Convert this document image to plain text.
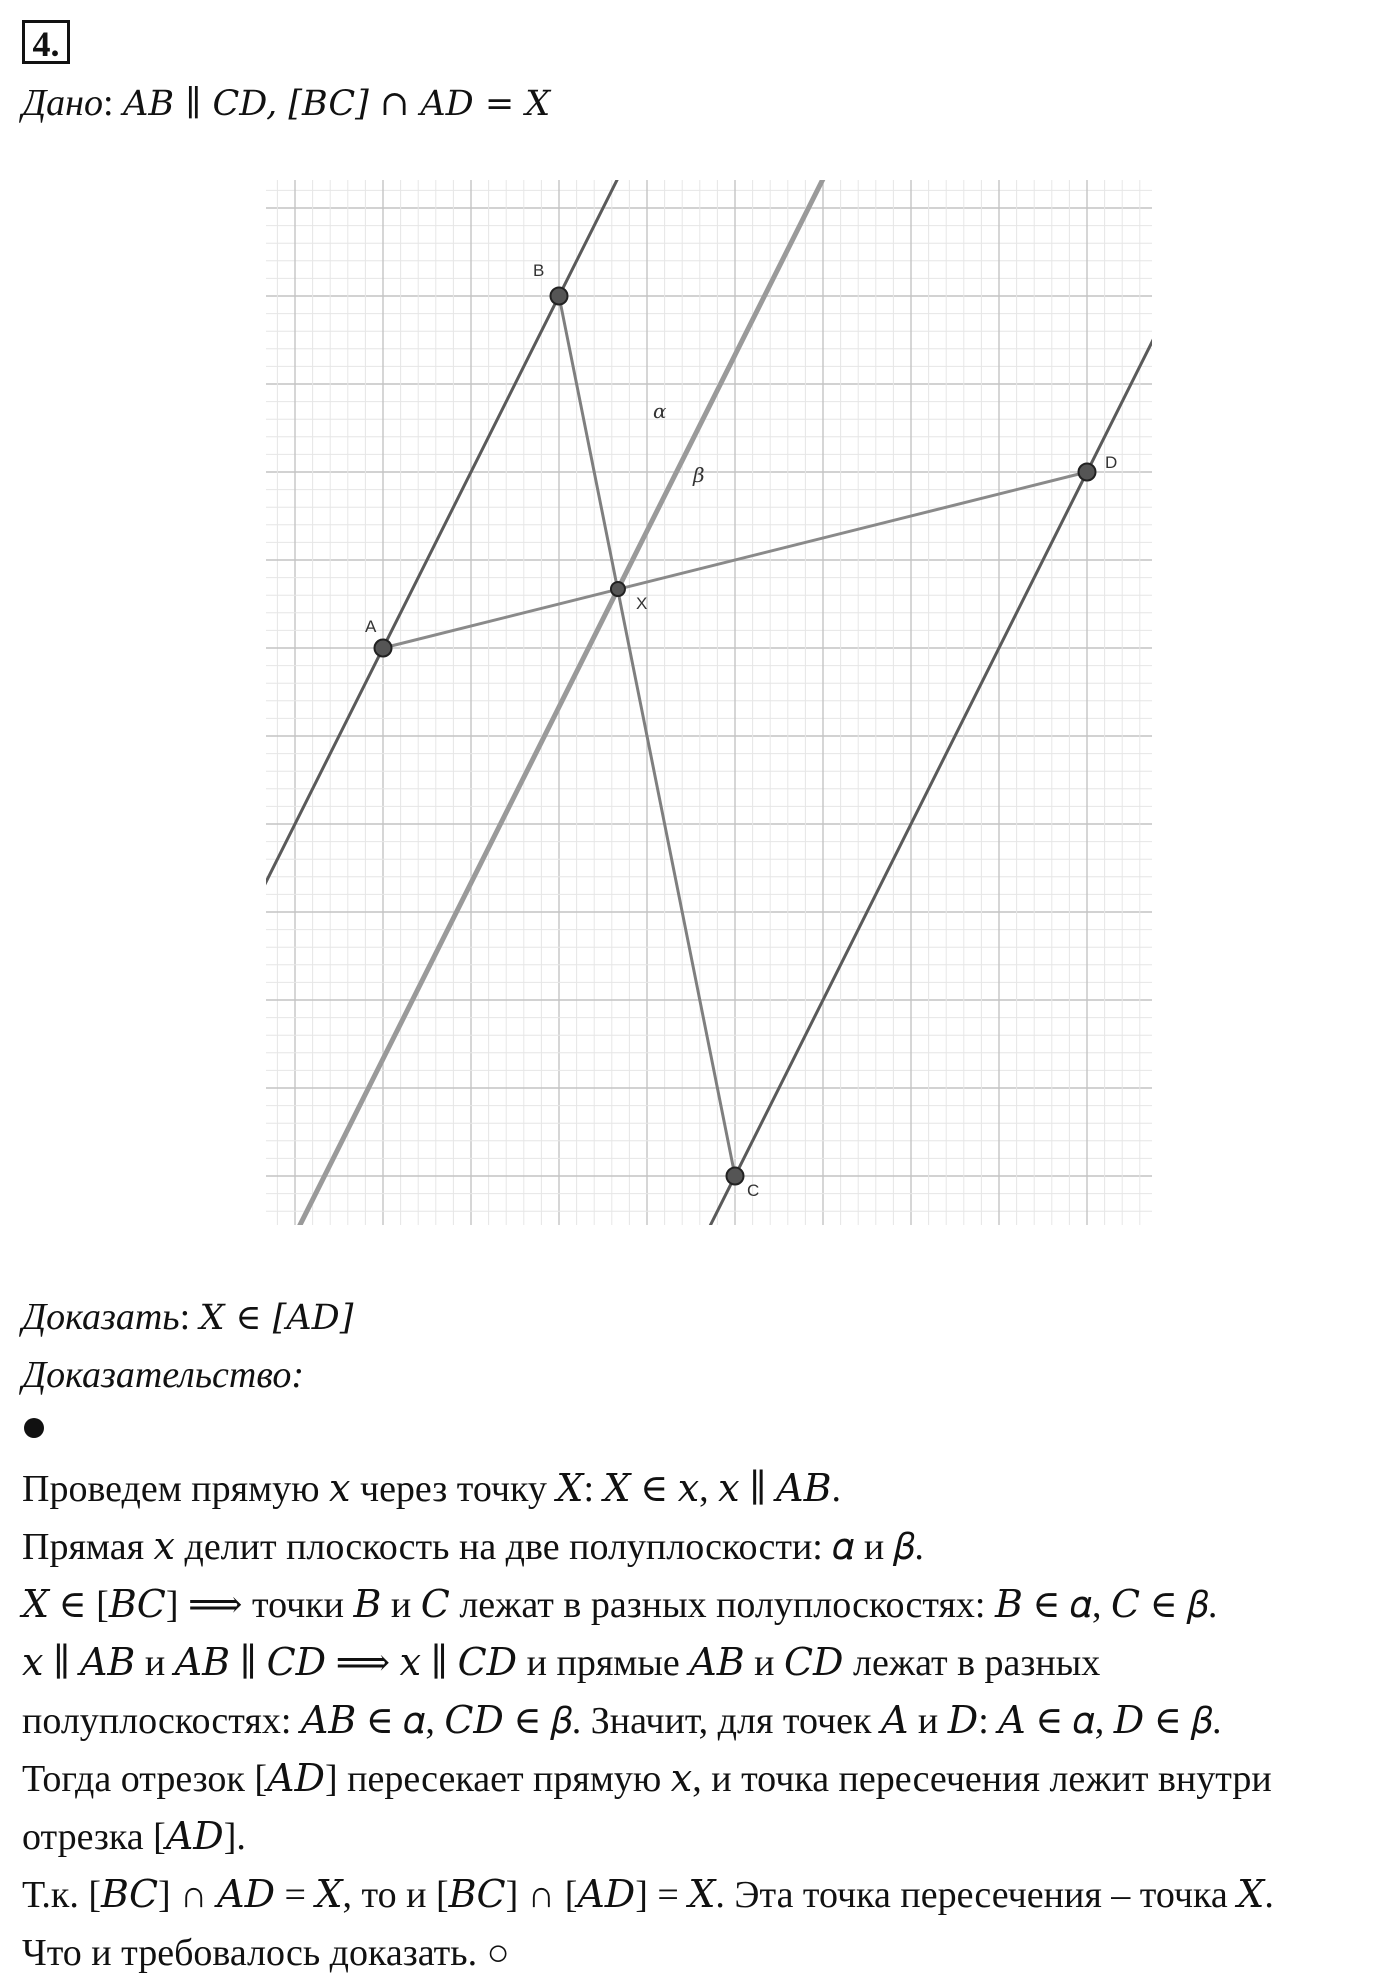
4.
Дано: AB ∥ CD, [BC] ∩ AD = X
A
B
C
D
X
α
β
Доказать: X ∈ [AD]
Доказательство:
Проведем прямую 𝑥 через точку 𝑋: 𝑋 ∈ 𝑥, 𝑥 ∥ 𝐴𝐵.
Прямая 𝑥 делит плоскость на две полуплоскости: 𝛼 и 𝛽.
𝑋 ∈ [𝐵𝐶] ⟹ точки 𝐵 и 𝐶 лежат в разных полуплоскостях: 𝐵 ∈ 𝛼, 𝐶 ∈ 𝛽.
𝑥 ∥ 𝐴𝐵 и 𝐴𝐵 ∥ 𝐶𝐷 ⟹ 𝑥 ∥ 𝐶𝐷 и прямые 𝐴𝐵 и 𝐶𝐷 лежат в разных
полуплоскостях: 𝐴𝐵 ∈ 𝛼, 𝐶𝐷 ∈ 𝛽. Значит, для точек 𝐴 и 𝐷: 𝐴 ∈ 𝛼, 𝐷 ∈ 𝛽.
Тогда отрезок [𝐴𝐷] пересекает прямую 𝑥, и точка пересечения лежит внутри
отрезка [𝐴𝐷].
Т.к. [𝐵𝐶] ∩ 𝐴𝐷 = 𝑋, то и [𝐵𝐶] ∩ [𝐴𝐷] = 𝑋. Эта точка пересечения – точка 𝑋.
Что и требовалось доказать. ○
